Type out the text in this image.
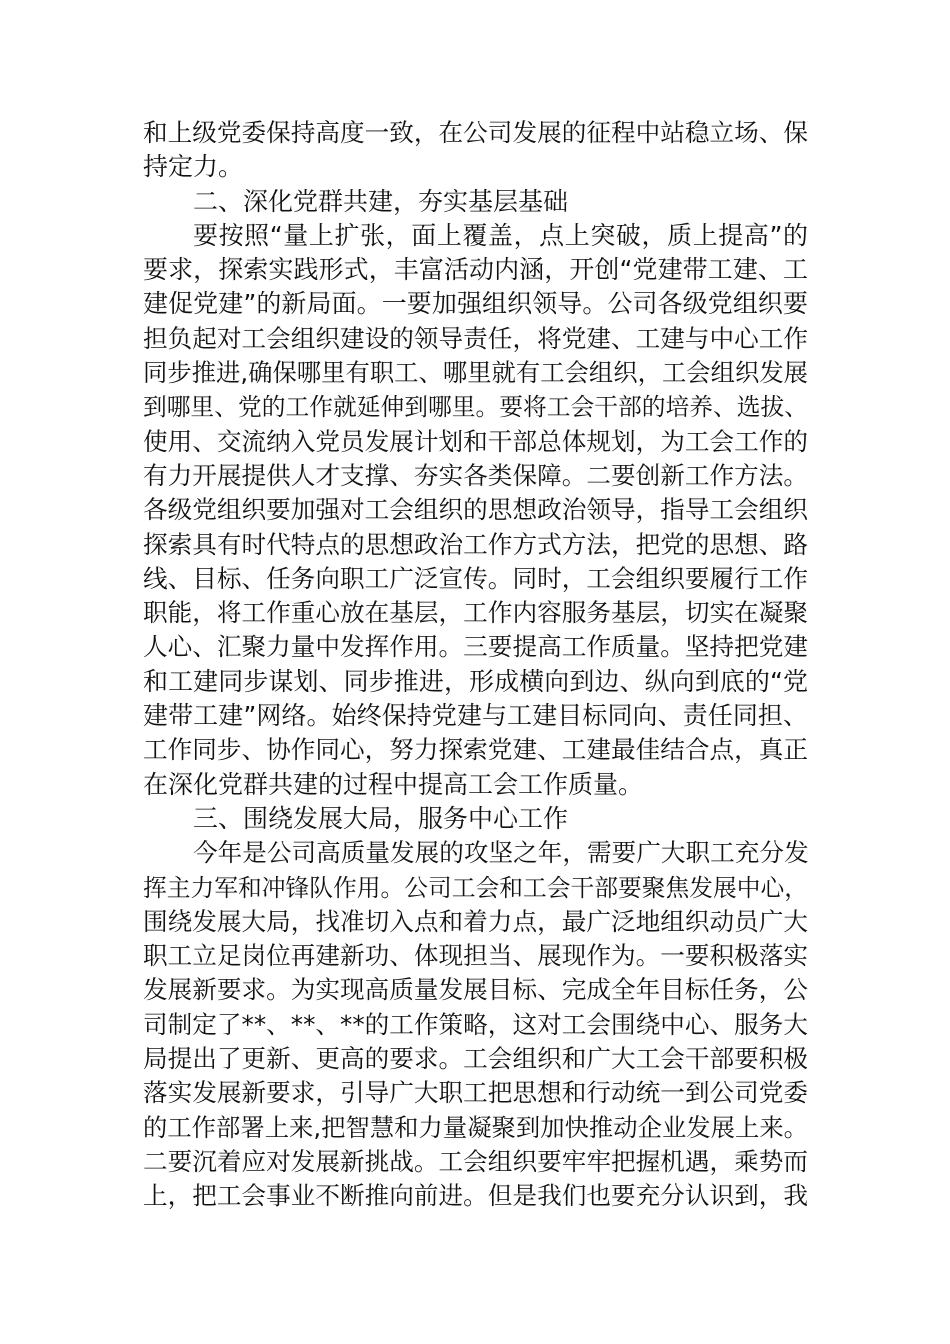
和上级党委保持高度一致，在公司发展的征程中站稳立场、保
持定力。
二、深化党群共建，夯实基层基础
要按照“量上扩张，面上覆盖，点上突破，质上提高”的
要求，探索实践形式，丰富活动内涵，开创“党建带工建、工
建促党建”的新局面。一要加强组织领导。公司各级党组织要
担负起对工会组织建设的领导责任，将党建、工建与中心工作
同步推进,确保哪里有职工、哪里就有工会组织，工会组织发展
到哪里、党的工作就延伸到哪里。要将工会干部的培养、选拔、
使用、交流纳入党员发展计划和干部总体规划，为工会工作的
有力开展提供人才支撑、夯实各类保障。二要创新工作方法。
各级党组织要加强对工会组织的思想政治领导，指导工会组织
探索具有时代特点的思想政治工作方式方法，把党的思想、路
线、目标、任务向职工广泛宣传。同时，工会组织要履行工作
职能，将工作重心放在基层，工作内容服务基层，切实在凝聚
人心、汇聚力量中发挥作用。三要提高工作质量。坚持把党建
和工建同步谋划、同步推进，形成横向到边、纵向到底的“党
建带工建”网络。始终保持党建与工建目标同向、责任同担、
工作同步、协作同心，努力探索党建、工建最佳结合点，真正
在深化党群共建的过程中提高工会工作质量。
三、围绕发展大局，服务中心工作
今年是公司高质量发展的攻坚之年，需要广大职工充分发
挥主力军和冲锋队作用。公司工会和工会干部要聚焦发展中心，
围绕发展大局，找准切入点和着力点，最广泛地组织动员广大
职工立足岗位再建新功、体现担当、展现作为。一要积极落实
发展新要求。为实现高质量发展目标、完成全年目标任务，公
司制定了**、**、**的工作策略，这对工会围绕中心、服务大
局提出了更新、更高的要求。工会组织和广大工会干部要积极
落实发展新要求，引导广大职工把思想和行动统一到公司党委
的工作部署上来,把智慧和力量凝聚到加快推动企业发展上来。
二要沉着应对发展新挑战。工会组织要牢牢把握机遇，乘势而
上，把工会事业不断推向前进。但是我们也要充分认识到，我
